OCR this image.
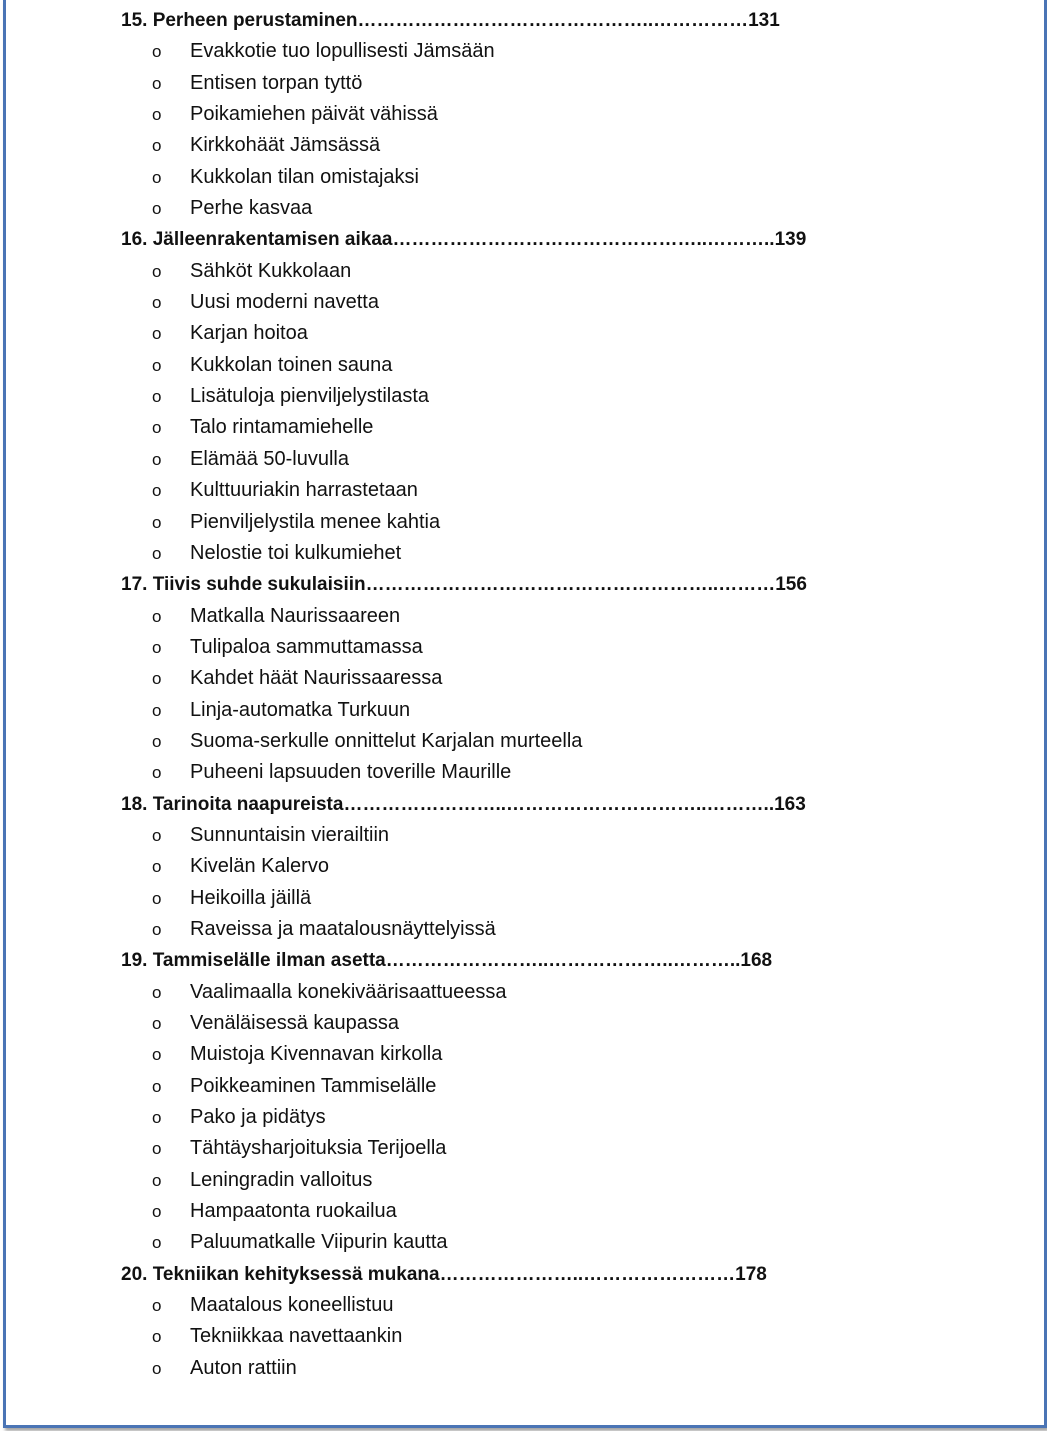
15. Perheen perustaminen………………………………………..……………131
o Evakkotie tuo lopullisesti Jämsään
o Entisen torpan tyttö
o Poikamiehen päivät vähissä
o Kirkkohäät Jämsässä
o Kukkolan tilan omistajaksi
o Perhe kasvaa
16. Jälleenrakentamisen aikaa…………………………………………..………..139
o Sähköt Kukkolaan
o Uusi moderni navetta
o Karjan hoitoa
o Kukkolan toinen sauna
o Lisätuloja pienviljelystilasta
o Talo rintamamiehelle
o Elämää 50-luvulla
o Kulttuuriakin harrastetaan
o Pienviljelystila menee kahtia
o Nelostie toi kulkumiehet
17. Tiivis suhde sukulaisiin………………………………………………..………156
o Matkalla Naurissaareen
o Tulipaloa sammuttamassa
o Kahdet häät Naurissaaressa
o Linja-automatka Turkuun
o Suoma-serkulle onnittelut Karjalan murteella
o Puheeni lapsuuden toverille Maurille
18. Tarinoita naapureista……………………..…………………………..………..163
o Sunnuntaisin vierailtiin
o Kivelän Kalervo
o Heikoilla jäillä
o Raveissa ja maatalousnäyttelyissä
19. Tammiselälle ilman asetta……………………..………………..………..168
o Vaalimaalla konekiväärisaattueessa
o Venäläisessä kaupassa
o Muistoja Kivennavan kirkolla
o Poikkeaminen Tammiselälle
o Pako ja pidätys
o Tähtäysharjoituksia Terijoella
o Leningradin valloitus
o Hampaatonta ruokailua
o Paluumatkalle Viipurin kautta
20. Tekniikan kehityksessä mukana…………………..……………………178
o Maatalous koneellistuu
o Tekniikkaa navettaankin
o Auton rattiin
